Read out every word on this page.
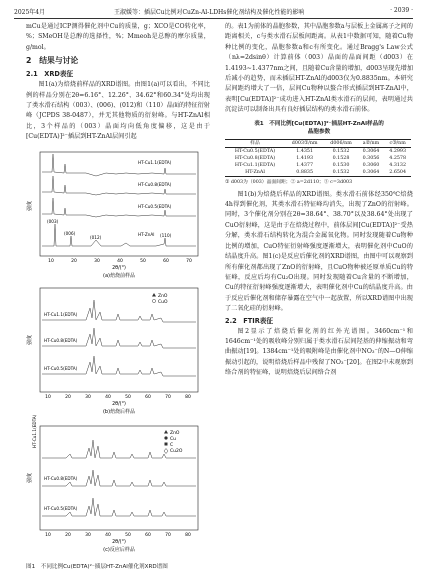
2025年4月	王淑媛等：插层Cu比例对CuZn-Al-LDHs催化剂结构及催化性能的影响	· 2039 ·

mCu是通过ICP测得催化剂中Cu的质量，g；XCO是CO转化率，%；SMeOH是总醇的选择性，%；Mmeoh是总醇的摩尔质量，g/mol。

2　结果与讨论
2.1　XRD表征

图1(a)为焙烧前样品的XRD谱图。由图1(a)可以看出，不同比例的样品分别在2θ=6.16°、12.26°、34.62°和60.34°处均出现了类水滑石结构（003）、(006)、(012)和（110）晶面的特征衍射峰（JCPDS 38-0487），并无其他物质的衍射峰。与HT-ZnAl相比，3个样品的（003）晶面均向低角度偏移，这是由于[Cu(EDTA)]²⁻插层到HT-ZnAl层间引起

强度
10	20	30	40	50	60	70
2θ/(°)
(a)焙烧前样品
HT-Cu1.1(EDTA)
HT-Cu0.8(EDTA)
HT-Cu0.5(EDTA)
HT-ZnAl
(003)
(006)
(012)	(110)
强度
10	20	30	40	50	60	70	80
2θ/(°)
(b)焙烧后样品
ZnO
CuO
HT-Cu1.1(EDTA)
HT-Cu0.8(EDTA)
HT-Cu0.5(EDTA)
强度
10	20	30	40	50	60	70	80
2θ/(°)
(c)反应后样品
ZnO
Cu
C
Cu2O
HT-Cu1.1(EDTA)
HT-Cu0.8(EDTA)
HT-Cu0.5(EDTA)
图1　不同比例Cu(EDTA)²⁻插层HT-ZnAl催化剂XRD谱图

的。表1为前体的晶胞参数，其中晶胞参数a与层板上金属离子之间的距离相关，c与类水滑石层板间距离。从表1中数据可知，随着Cu物种比例的变化，晶胞参数a和c有所变化。通过Bragg's Law公式（nλ=2dsinθ）计算前体（003）晶面的晶面间距（d003）在1.4193~1.4377nm之间，且随着Cu含量的增加，d003呈现先增加后减小的趋势，而未插层HT-ZnAl的d003仅为0.8835nm。本研究层间距约增大了一倍，层间Cu物种以螯合形式插层到HT-ZnAl中，表明[Cu(EDTA)]²⁻成功进入HT-ZnAl类水滑石的层间，表明通过共沉淀法可以制备出具有良好插层结构的类水滑石前体。

表1　不同比例[Cu(EDTA)]²⁻插层HT-ZnAl样品的
晶胞参数
样品	d003①/nm	d006/nm	a②/nm	c③/nm
HT-Cu0.5(EDTA)	1.4351	0.1532	0.3064	4.2993
HT-Cu0.8(EDTA)	1.4193	0.1528	0.3056	4.2578
HT-Cu1.1(EDTA)	1.4377	0.1530	0.3060	4.3132
HT-ZnAl	0.8835	0.1532	0.3064	2.6504
① d003为（003）晶面间距；② a=2d110；③ c=3d003

图1(b)为焙烧后样品的XRD谱图。类水滑石前体经350℃焙烧4h得到催化剂，其类水滑石特征峰均消失，出现了ZnO的衍射峰。同时，3个催化剂分别在2θ=38.64°、38.70°以及38.64°处出现了CuO衍射峰，这是由于在焙烧过程中，前体层间[Cu(EDTA)]²⁻受热分解，类水滑石结构转化为混合金属氧化物。同时发现随着Cu物种比例的增加，CuO特征衍射峰强度逐渐增大，表明催化剂中CuO的结晶度升高。图1(c)是反应后催化剂的XRD谱图，由图中可以观察到所有催化剂都出现了ZnO的衍射峰，且CuO物种被还原单质Cu的特征峰，反应后均有Cu₂O出现。同时发现随着Cu含量的不断增加，Cu的特征衍射峰强度逐渐增大，表明催化剂中Cu的结晶度升高。由于反应后催化剂和储存暴露在空气中一起放置，所以XRD谱图中出现了二氧化硅的衍射峰。

2.2　FTIR表征

图2显示了焙烧后催化剂的红外光谱图。3460cm⁻¹和1646cm⁻¹处的吸收峰分别归属于类水滑石层间羟基的伸缩振动和弯曲振动[19]。1384cm⁻¹处的吸附峰是由催化剂中NO₃⁻的N—O伸缩振动引起的，说明焙烧后样品中残留了NO₃⁻[20]。在图2中未观察到络合剂的特征峰，说明焙烧后层间络合剂
